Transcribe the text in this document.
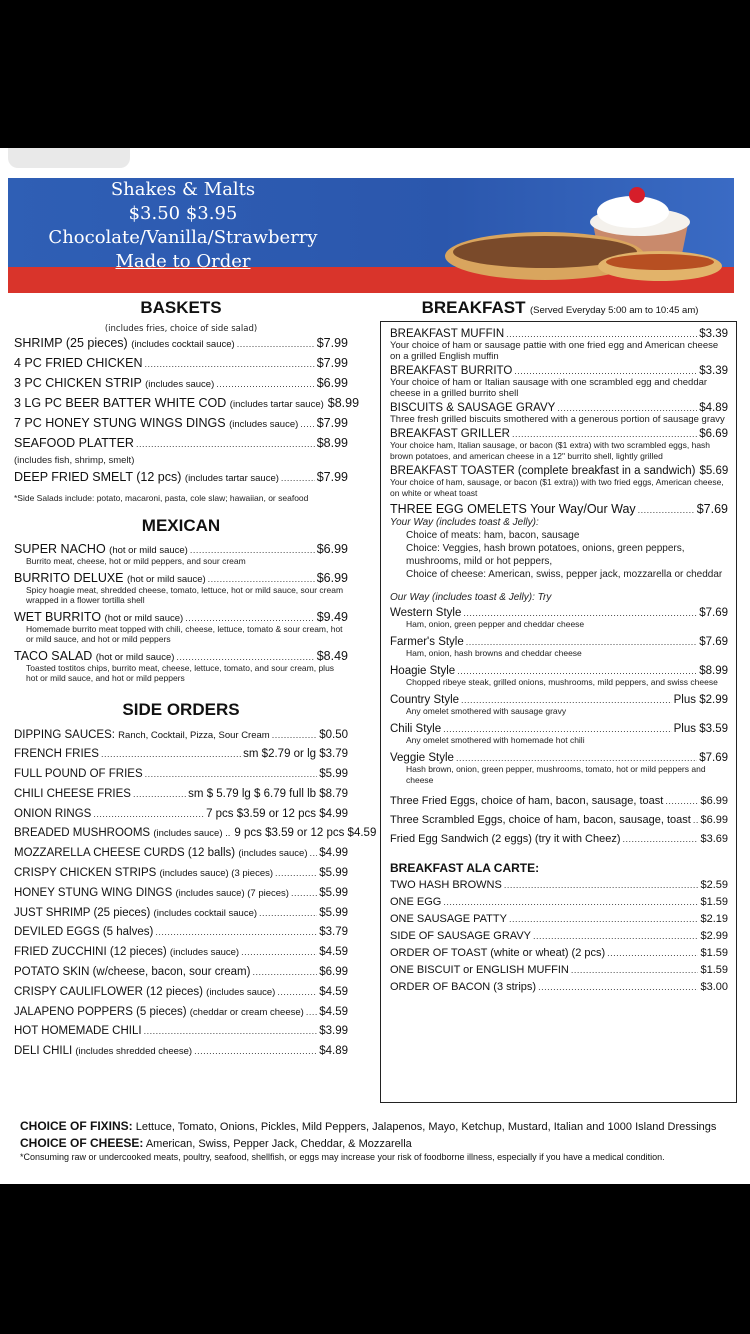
Shakes & Malts
$3.50 $3.95
Chocolate/Vanilla/Strawberry
Made to Order
BASKETS
(includes fries, choice of side salad)
SHRIMP (25 pieces) (includes cocktail sauce) .....	$7.99
4 PC FRIED CHICKEN .....	$7.99
3 PC CHICKEN STRIP (includes sauce) .....	$6.99
3 LG PC BEER BATTER WHITE COD (includes tartar sauce) $8.99
7 PC HONEY STUNG WINGS DINGS (includes sauce) ..... $7.99
SEAFOOD PLATTER .....	$8.99
(includes fish, shrimp, smelt)
DEEP FRIED SMELT (12 pcs) (includes tartar sauce) .....	$7.99
*Side Salads include: potato, macaroni, pasta, cole slaw; hawaiian, or seafood
MEXICAN
SUPER NACHO (hot or mild sauce) .....	$6.99
Burrito meat, cheese, hot or mild peppers, and sour cream
BURRITO DELUXE (hot or mild sauce) .....	$6.99
Spicy hoagie meat, shredded cheese, tomato, lettuce, hot or mild sauce, sour cream wrapped in a flower tortilla shell
WET BURRITO (hot or mild sauce) .....	$9.49
Homemade burrito meat topped with chili, cheese, lettuce, tomato & sour cream, hot or mild sauce, and hot or mild peppers
TACO SALAD (hot or mild sauce) .....	$8.49
Toasted tostitos chips, burrito meat, cheese, lettuce, tomato, and sour cream, plus hot or mild sauce, and hot or mild peppers
SIDE ORDERS
DIPPING SAUCES: Ranch, Cocktail, Pizza, Sour Cream .....	$0.50
FRENCH FRIES .....	sm $2.79 or lg $3.79
FULL POUND OF FRIES .....	$5.99
CHILI CHEESE FRIES .....	sm $ 5.79 lg $ 6.79 full lb $8.79
ONION RINGS .....	7 pcs $3.59 or 12 pcs $4.99
BREADED MUSHROOMS (includes sauce) .. 9 pcs $3.59 or 12 pcs $4.59
MOZZARELLA CHEESE CURDS (12 balls) (includes sauce) ..... $4.99
CRISPY CHICKEN STRIPS (includes sauce) (3 pieces) .....	$5.99
HONEY STUNG WING DINGS (includes sauce) (7 pieces) .....	$5.99
JUST SHRIMP (25 pieces) (includes cocktail sauce) .....	$5.99
DEVILED EGGS (5 halves) .....	$3.79
FRIED ZUCCHINI (12 pieces) (includes sauce) .....	$4.59
POTATO SKIN (w/cheese, bacon, sour cream) .....	$6.99
CRISPY CAULIFLOWER (12 pieces) (includes sauce) .....	$4.59
JALAPENO POPPERS (5 pieces) (cheddar or cream cheese) ..... $4.59
HOT HOMEMADE CHILI .....	$3.99
DELI CHILI (includes shredded cheese) .....	$4.89
BREAKFAST (Served Everyday 5:00 am to 10:45 am)
BREAKFAST MUFFIN .....	$3.39
Your choice of ham or sausage pattie with one fried egg and American cheese on a grilled English muffin
BREAKFAST BURRITO .....	$3.39
Your choice of ham or Italian sausage with one scrambled egg and cheddar cheese in a grilled burrito shell
BISCUITS & SAUSAGE GRAVY .....	$4.89
Three fresh grilled biscuits smothered with a generous portion of sausage gravy
BREAKFAST GRILLER .....	$6.69
Your choice ham, Italian sausage, or bacon ($1 extra) with two scrambled eggs, hash brown potatoes, and american cheese in a 12" burrito shell, lightly grilled
BREAKFAST TOASTER (complete breakfast in a sandwich) $5.69
Your choice of ham, sausage, or bacon ($1 extra)) with two fried eggs, American cheese, on white or wheat toast
THREE EGG OMELETS Your Way/Our Way .....	$7.69
Your Way (includes toast & Jelly):
Choice of meats: ham, bacon, sausage
Choice: Veggies, hash brown potatoes, onions, green peppers, mushrooms, mild or hot peppers,
Choice of cheese: American, swiss, pepper jack, mozzarella or cheddar
Our Way (includes toast & Jelly): Try
Western Style .....	$7.69
Ham, onion, green pepper and cheddar cheese
Farmer's Style .....	$7.69
Ham, onion, hash browns and cheddar cheese
Hoagie Style .....	$8.99
Chopped ribeye steak, grilled onions, mushrooms, mild peppers, and swiss cheese
Country Style .....	Plus $2.99
Any omelet smothered with sausage gravy
Chili Style .....	Plus $3.59
Any omelet smothered with homemade hot chili
Veggie Style .....	$7.69
Hash brown, onion, green pepper, mushrooms, tomato, hot or mild peppers and cheese
Three Fried Eggs, choice of ham, bacon, sausage, toast .....	$6.99
Three Scrambled Eggs, choice of ham, bacon, sausage, toast ..... $6.99
Fried Egg Sandwich (2 eggs) (try it with Cheez) .....	$3.69
BREAKFAST ALA CARTE:
TWO HASH BROWNS .....	$2.59
ONE EGG .....	$1.59
ONE SAUSAGE PATTY .....	$2.19
SIDE OF SAUSAGE GRAVY .....	$2.99
ORDER OF TOAST (white or wheat) (2 pcs) .....	$1.59
ONE BISCUIT or ENGLISH MUFFIN .....	$1.59
ORDER OF BACON (3 strips) .....	$3.00
CHOICE OF FIXINS: Lettuce, Tomato, Onions, Pickles, Mild Peppers, Jalapenos, Mayo, Ketchup, Mustard, Italian and 1000 Island Dressings
CHOICE OF CHEESE: American, Swiss, Pepper Jack, Cheddar, & Mozzarella
*Consuming raw or undercooked meats, poultry, seafood, shellfish, or eggs may increase your risk of foodborne illness, especially if you have a medical condition.
